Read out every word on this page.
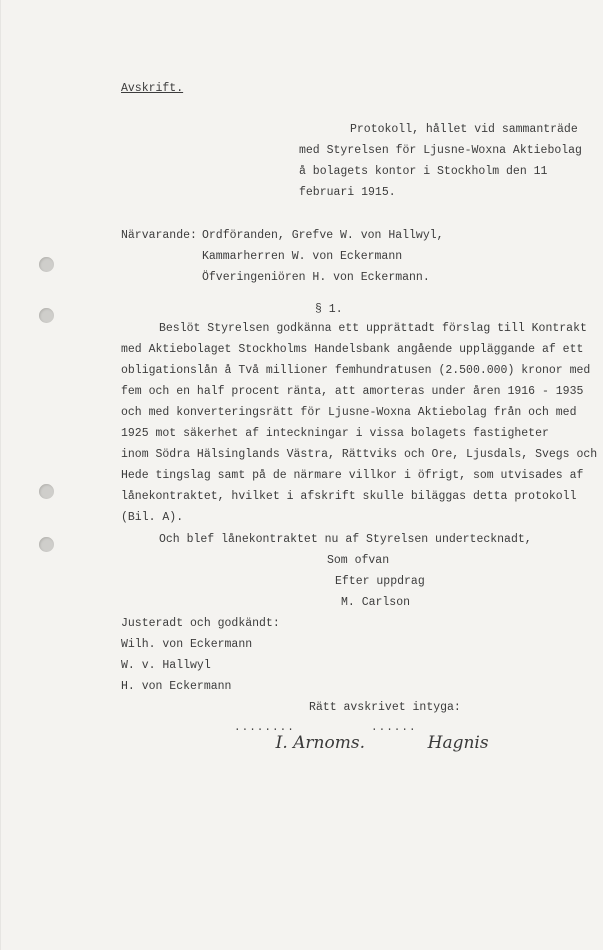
Avskrift.
Protokoll, hållet vid sammanträde
med Styrelsen för Ljusne-Woxna Aktiebolag
å bolagets kontor i Stockholm den 11
februari 1915.
Närvarande: Ordföranden, Grefve W. von Hallwyl,
Kammarherren W. von Eckermann
Öfveringeniören H. von Eckermann.
§ 1.
Beslöt Styrelsen godkänna ett upprättadt förslag till Kontrakt
med Aktiebolaget Stockholms Handelsbank angående uppläggande af ett
obligationslån å Två millioner femhundratusen (2.500.000) kronor med
fem och en half procent ränta, att amorteras under åren 1916 - 1935
och med konverteringsrätt för Ljusne-Woxna Aktiebolag från och med
1925 mot säkerhet af inteckningar i vissa bolagets fastigheter
inom Södra Hälsinglands Västra, Rättviks och Ore, Ljusdals, Svegs och
Hede tingslag samt på de närmare villkor i öfrigt, som utvisades af
lånekontraktet, hvilket i afskrift skulle biläggas detta protokoll
(Bil. A).
Och blef lånekontraktet nu af Styrelsen undertecknadt,
Som ofvan
Efter uppdrag
M. Carlson
Justeradt och godkändt:
Wilh. von Eckermann
W. v. Hallwyl
H. von Eckermann
Rätt avskrivet intyga:
........

I. Arnoms.

......

Hagnis
